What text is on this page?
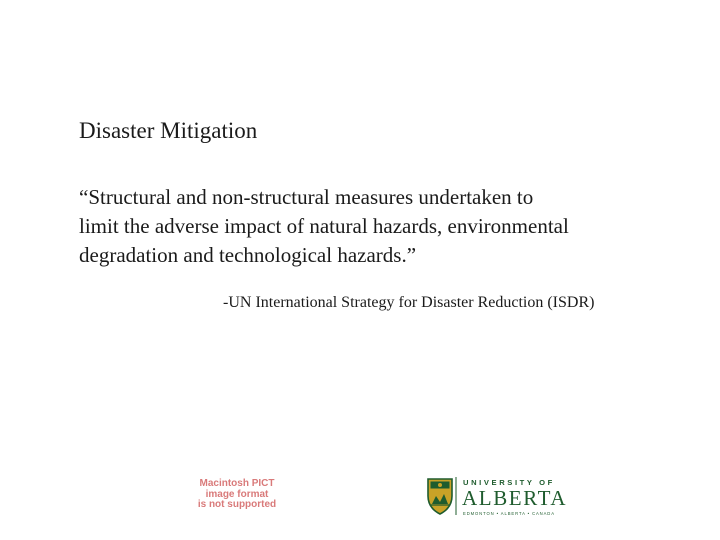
Disaster Mitigation
“Structural and non-structural measures undertaken to
limit the adverse impact of natural hazards, environmental
degradation and technological hazards.”
-UN International Strategy for Disaster Reduction (ISDR)
Macintosh PICT
image format
is not supported
UNIVERSITY OF
ALBERTA
EDMONTON • ALBERTA • CANADA
